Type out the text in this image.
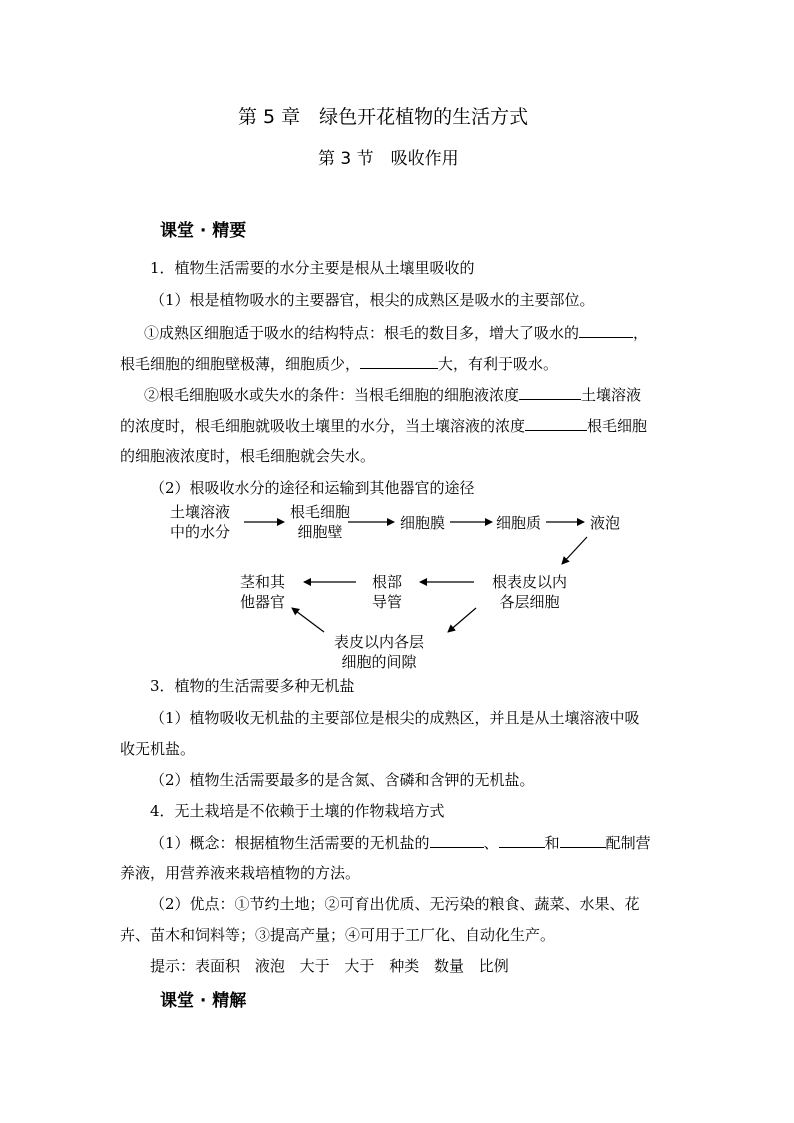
第 5 章　绿色开花植物的生活方式
第 3 节　吸收作用
课堂 · 精要
1．植物生活需要的水分主要是根从土壤里吸收的
（1）根是植物吸水的主要器官，根尖的成熟区是吸水的主要部位。
①成熟区细胞适于吸水的结构特点：根毛的数目多，增大了吸水的	，
根毛细胞的细胞壁极薄，细胞质少，	大，有利于吸水。
②根毛细胞吸水或失水的条件：当根毛细胞的细胞液浓度	土壤溶液
的浓度时，根毛细胞就吸收土壤里的水分，当土壤溶液的浓度	根毛细胞
的细胞液浓度时，根毛细胞就会失水。
（2）根吸收水分的途径和运输到其他器官的途径
土壤溶液
中的水分
根毛细胞
细胞壁	细胞膜	细胞质	液泡
根表皮以内
各层细胞
根部
导管
茎和其
他器官
表皮以内各层
细胞的间隙
3．植物的生活需要多种无机盐
（1）植物吸收无机盐的主要部位是根尖的成熟区，并且是从土壤溶液中吸
收无机盐。
（2）植物生活需要最多的是含氮、含磷和含钾的无机盐。
4．无土栽培是不依赖于土壤的作物栽培方式
（1）概念：根据植物生活需要的无机盐的	、	和	配制营
养液，用营养液来栽培植物的方法。
（2）优点：①节约土地；②可育出优质、无污染的粮食、蔬菜、水果、花
卉、苗木和饲料等；③提高产量；④可用于工厂化、自动化生产。
提示：表面积 液泡 大于 大于 种类 数量 比例
课堂 · 精解
